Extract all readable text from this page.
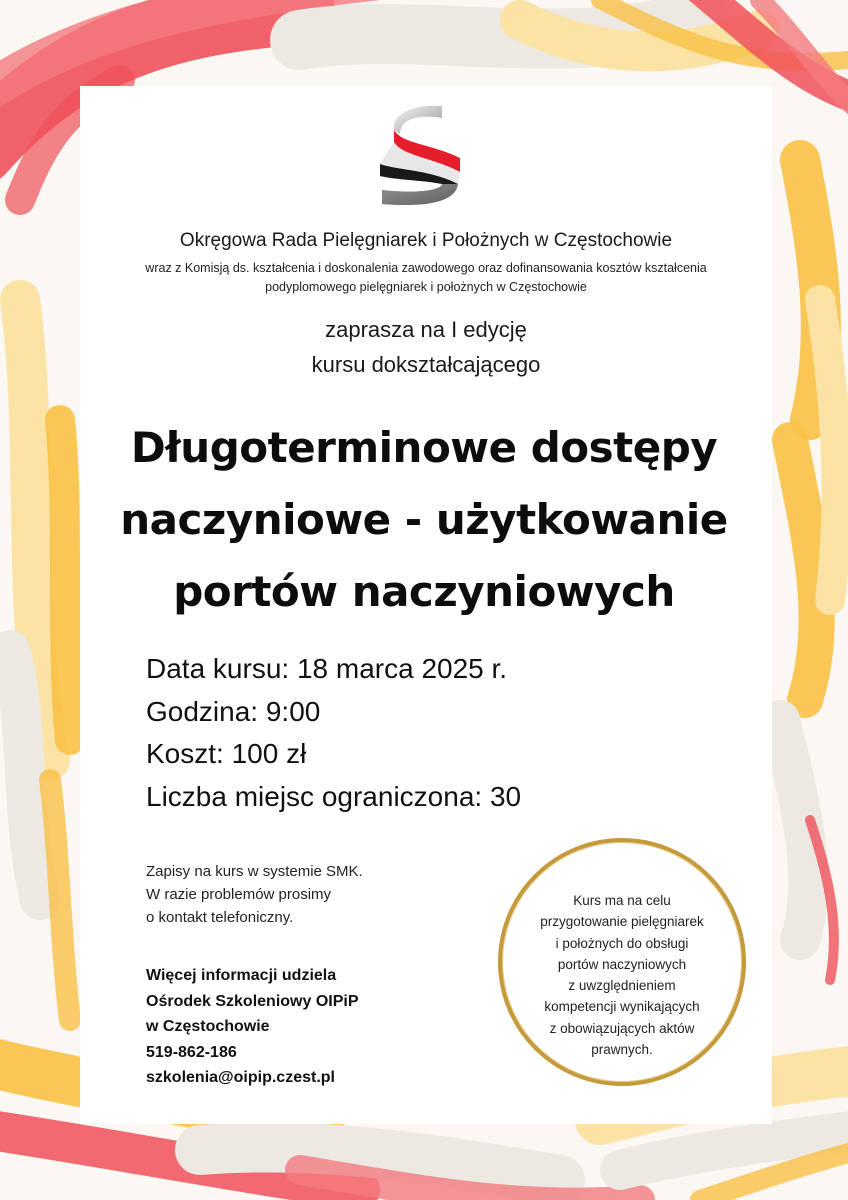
Okręgowa Rada Pielęgniarek i Położnych w Częstochowie
wraz z Komisją ds. kształcenia i doskonalenia zawodowego oraz dofinansowania kosztów kształcenia
podyplomowego pielęgniarek i położnych w Częstochowie
zaprasza na I edycję
kursu dokształcającego
Długoterminowe dostępy
naczyniowe - użytkowanie
portów naczyniowych
Data kursu: 18 marca 2025 r.
Godzina: 9:00
Koszt: 100 zł
Liczba miejsc ograniczona: 30
Zapisy na kurs w systemie SMK.
W razie problemów prosimy
o kontakt telefoniczny.
Więcej informacji udziela
Ośrodek Szkoleniowy OIPiP
w Częstochowie
519-862-186
szkolenia@oipip.czest.pl
Kurs ma na celu
przygotowanie pielęgniarek
i położnych do obsługi
portów naczyniowych
z uwzględnieniem
kompetencji wynikających
z obowiązujących aktów
prawnych.
